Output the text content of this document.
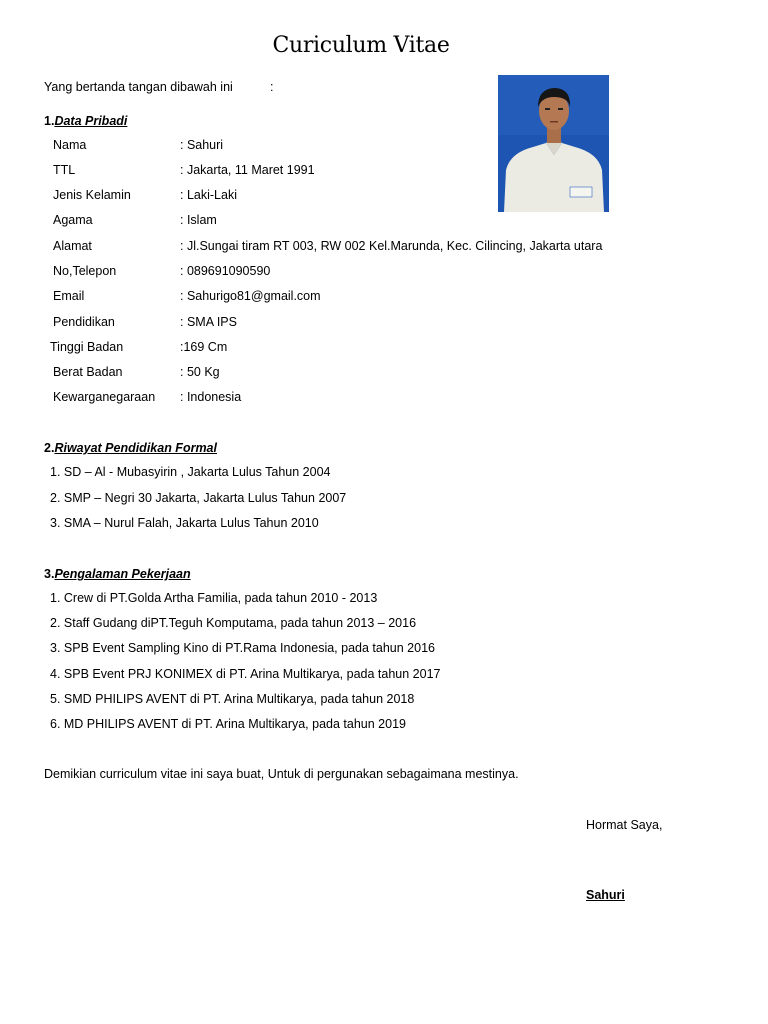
Curiculum Vitae
Yang bertanda tangan dibawah ini	:
1.Data Pribadi
Nama	: Sahuri
TTL	: Jakarta, 11 Maret 1991
Jenis Kelamin	: Laki-Laki
Agama	: Islam
Alamat	: Jl.Sungai tiram RT 003, RW 002 Kel.Marunda, Kec. Cilincing, Jakarta utara
No,Telepon	: 089691090590
Email	: Sahurigo81@gmail.com
Pendidikan	: SMA IPS
Tinggi Badan	:169 Cm
Berat Badan	: 50 Kg
Kewarganegaraan : Indonesia
2.Riwayat Pendidikan Formal
1. SD – Al - Mubasyirin , Jakarta Lulus Tahun 2004
2. SMP – Negri 30 Jakarta, Jakarta Lulus Tahun 2007
3. SMA – Nurul Falah, Jakarta Lulus Tahun 2010
3.Pengalaman Pekerjaan
1. Crew di PT.Golda Artha Familia, pada tahun 2010 - 2013
2. Staff Gudang diPT.Teguh Komputama, pada tahun 2013 – 2016
3. SPB Event Sampling Kino di PT.Rama Indonesia, pada tahun 2016
4. SPB Event PRJ KONIMEX di PT. Arina Multikarya, pada tahun 2017
5. SMD PHILIPS AVENT di PT. Arina Multikarya, pada tahun 2018
6. MD PHILIPS AVENT di PT. Arina Multikarya, pada tahun 2019
Demikian curriculum vitae ini saya buat, Untuk di pergunakan sebagaimana mestinya.
Hormat Saya,
Sahuri
